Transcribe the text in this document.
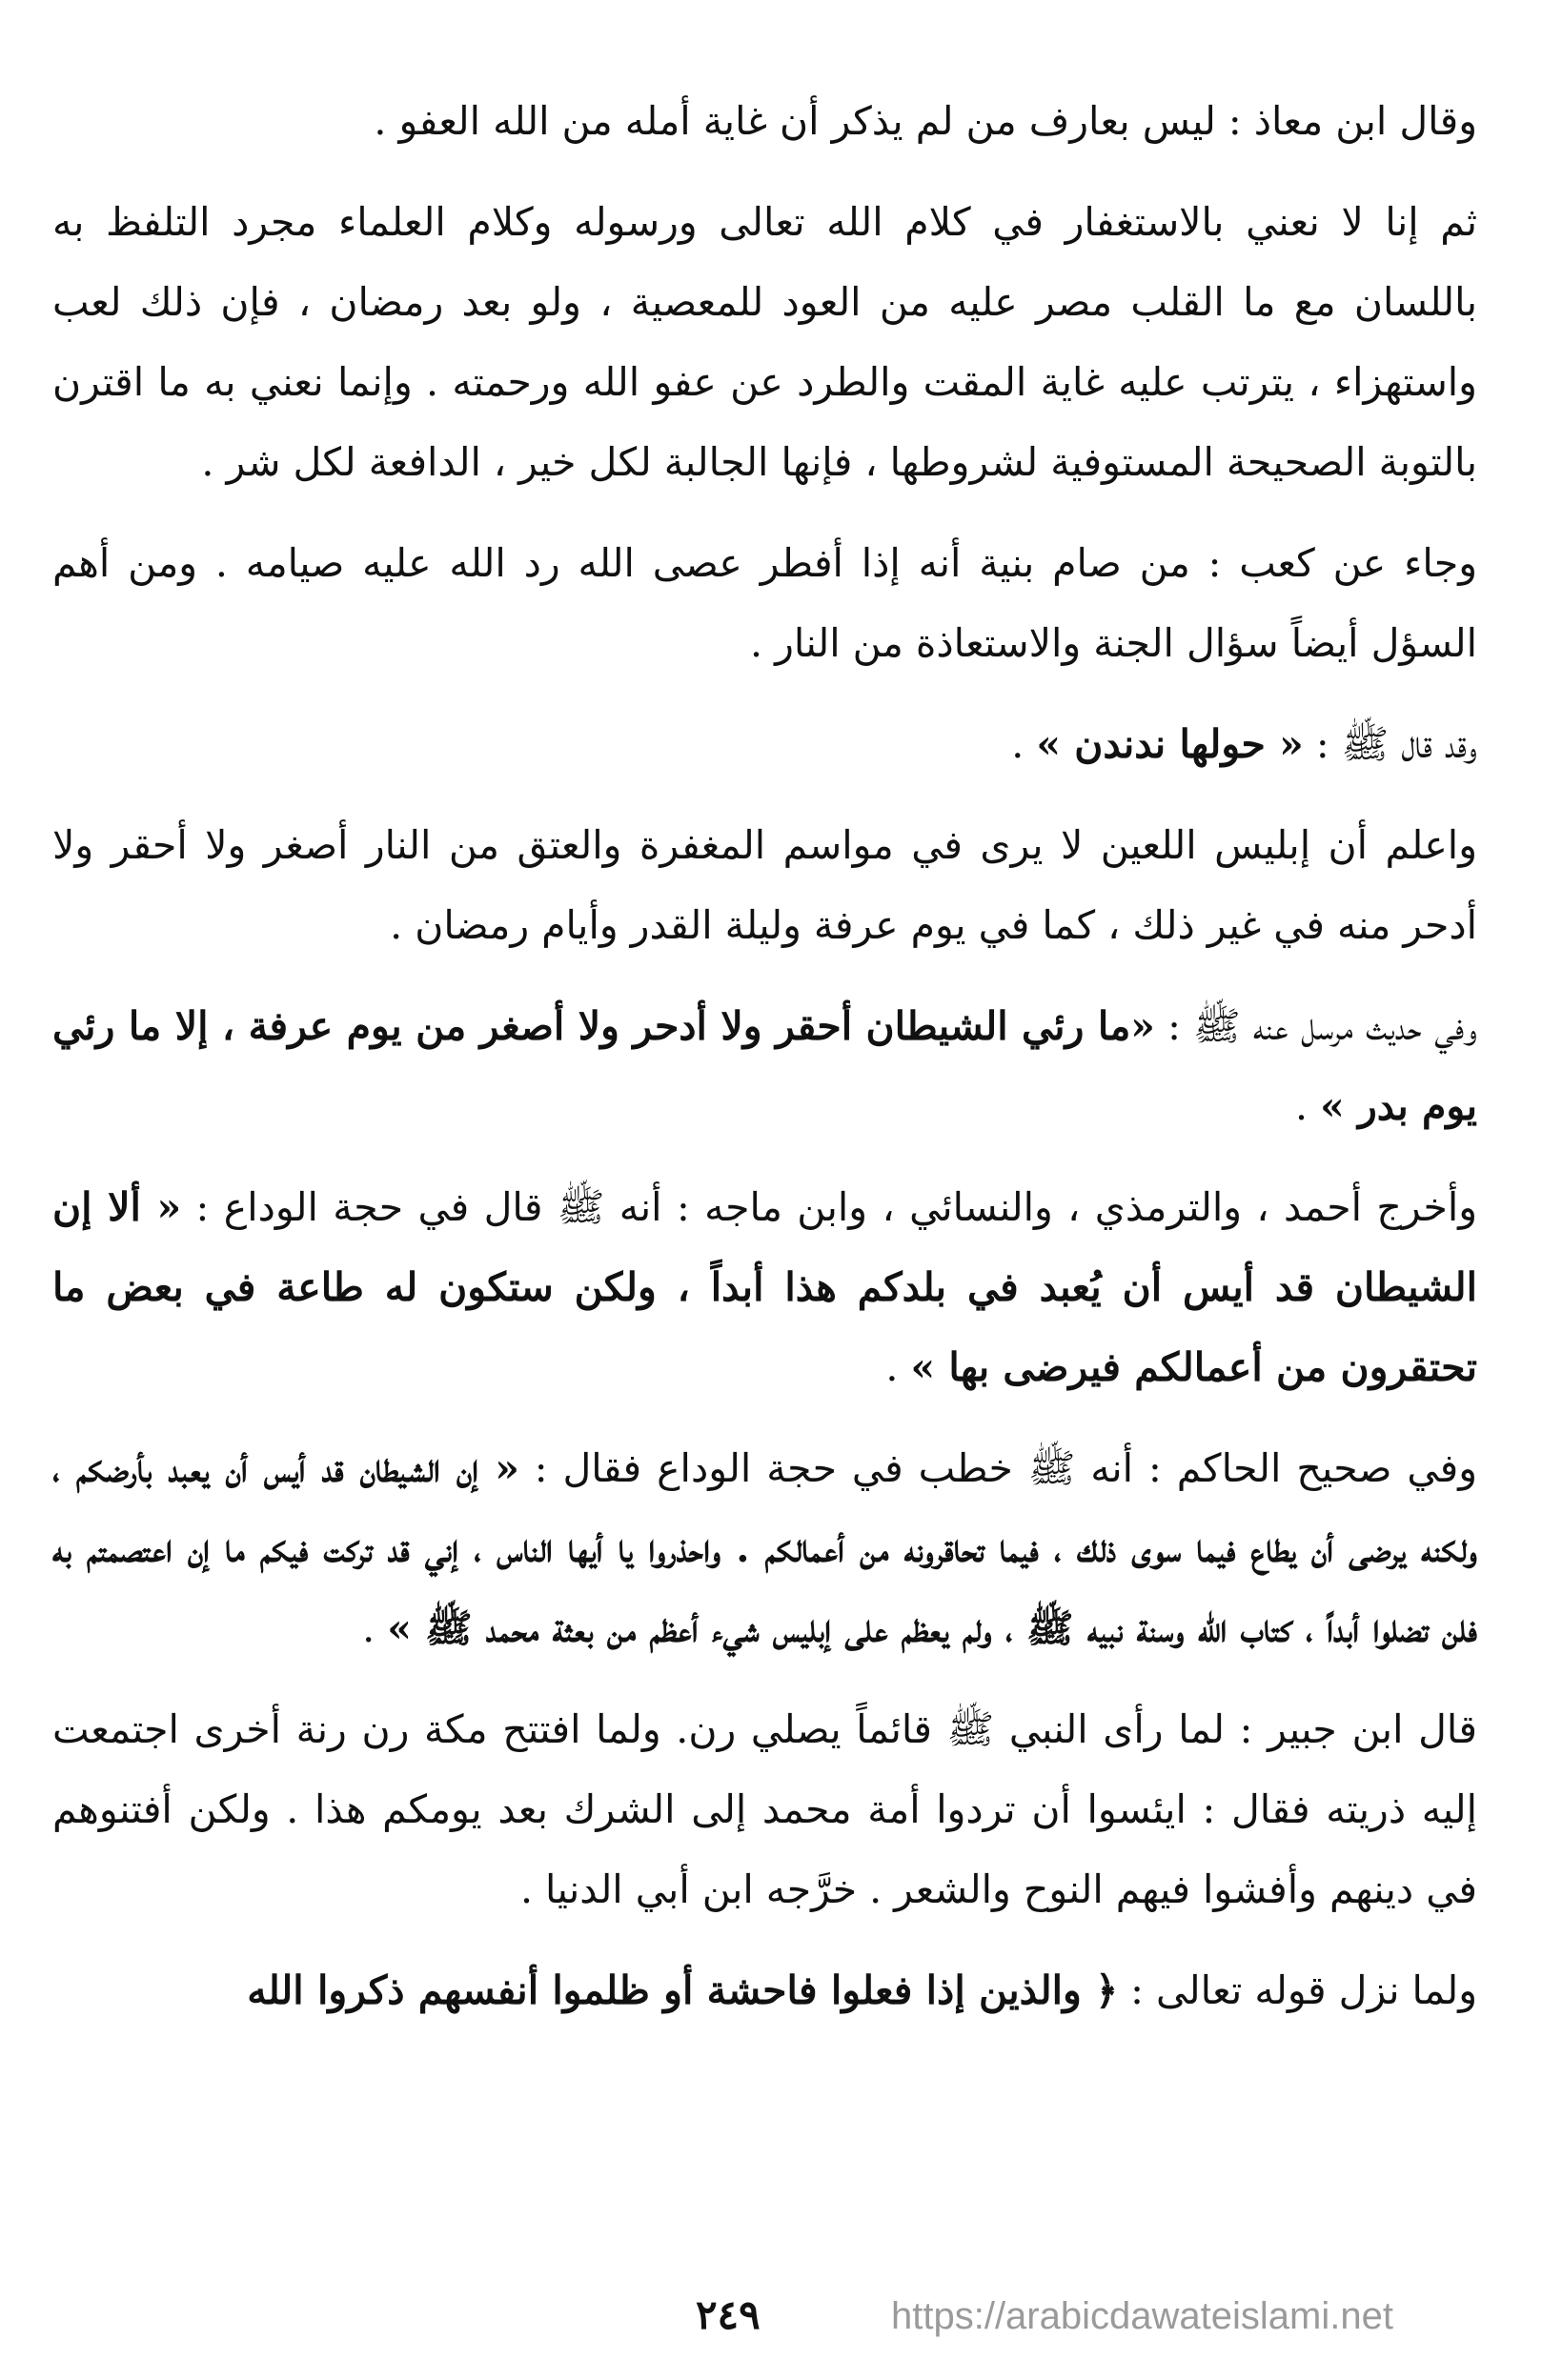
وقال ابن معاذ : ليس بعارف من لم يذكر أن غاية أمله من الله العفو .

ثم إنا لا نعني بالاستغفار في كلام الله تعالى ورسوله وكلام العلماء مجرد التلفظ به باللسان مع ما القلب مصر عليه من العود للمعصية ، ولو بعد رمضان ، فإن ذلك لعب واستهزاء ، يترتب عليه غاية المقت والطرد عن عفو الله ورحمته . وإنما نعني به ما اقترن بالتوبة الصحيحة المستوفية لشروطها ، فإنها الجالبة لكل خير ، الدافعة لكل شر .

وجاء عن كعب : من صام بنية أنه إذا أفطر عصى الله رد الله عليه صيامه . ومن أهم السؤل أيضاً سؤال الجنة والاستعاذة من النار .

وقد قال ﷺ : « حولها ندندن » .

واعلم أن إبليس اللعين لا يرى في مواسم المغفرة والعتق من النار أصغر ولا أحقر ولا أدحر منه في غير ذلك ، كما في يوم عرفة وليلة القدر وأيام رمضان .

وفي حديث مرسل عنه ﷺ : «ما رئي الشيطان أحقر ولا أدحر ولا أصغر من يوم عرفة ، إلا ما رئي يوم بدر » .

وأخرج أحمد ، والترمذي ، والنسائي ، وابن ماجه : أنه ﷺ قال في حجة الوداع : « ألا إن الشيطان قد أيس أن يُعبد في بلدكم هذا أبداً ، ولكن ستكون له طاعة في بعض ما تحتقرون من أعمالكم فيرضى بها » .

وفي صحيح الحاكم : أنه ﷺ خطب في حجة الوداع فقال : « إن الشيطان قد أيس أن يعبد بأرضكم ، ولكنه يرضى أن يطاع فيما سوى ذلك ، فيما تحاقرونه من أعمالكم . واحذروا يا أيها الناس ، إني قد تركت فيكم ما إن اعتصمتم به فلن تضلوا أبداً ، كتاب الله وسنة نبيه ﷺ ، ولم يعظم على إبليس شيء أعظم من بعثة محمد ﷺ » .

قال ابن جبير : لما رأى النبي ﷺ قائماً يصلي رن. ولما افتتح مكة رن رنة أخرى اجتمعت إليه ذريته فقال : ايئسوا أن تردوا أمة محمد إلى الشرك بعد يومكم هذا . ولكن أفتنوهم في دينهم وأفشوا فيهم النوح والشعر . خرَّجه ابن أبي الدنيا .

ولما نزل قوله تعالى : ﴿ والذين إذا فعلوا فاحشة أو ظلموا أنفسهم ذكروا الله

٢٤٩	https://arabicdawateislami.net
